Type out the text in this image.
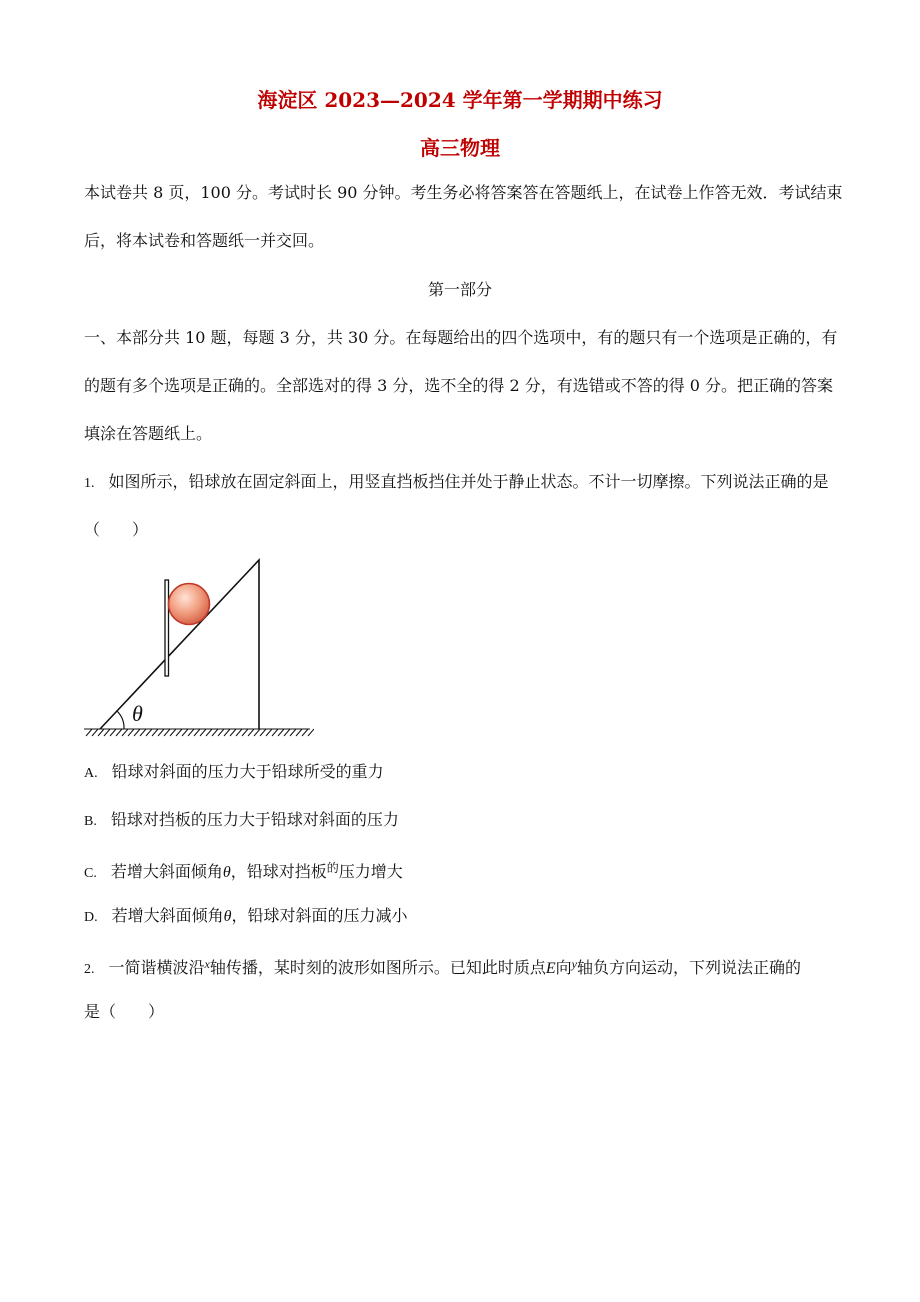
海淀区 2023—2024 学年第一学期期中练习
高三物理
本试卷共 8 页，100 分。考试时长 90 分钟。考生务必将答案答在答题纸上，在试卷上作答无效．考试结束
后，将本试卷和答题纸一并交回。
第一部分
一、本部分共 10 题，每题 3 分，共 30 分。在每题给出的四个选项中，有的题只有一个选项是正确的，有
的题有多个选项是正确的。全部选对的得 3 分，选不全的得 2 分，有选错或不答的得 0 分。把正确的答案
填涂在答题纸上。
1. 如图所示，铅球放在固定斜面上，用竖直挡板挡住并处于静止状态。不计一切摩擦。下列说法正确的是
（　　）
θ
A. 铅球对斜面的压力大于铅球所受的重力
B. 铅球对挡板的压力大于铅球对斜面的压力
C. 若增大斜面倾角θ，铅球对挡板$^的$压力增大
D. 若增大斜面倾角θ，铅球对斜面的压力减小
2. 一简谐横波沿$^x$轴传播，某时刻的波形如图所示。已知此时质点E向$^y$轴负方向运动，下列说法正确的
是（　　）
